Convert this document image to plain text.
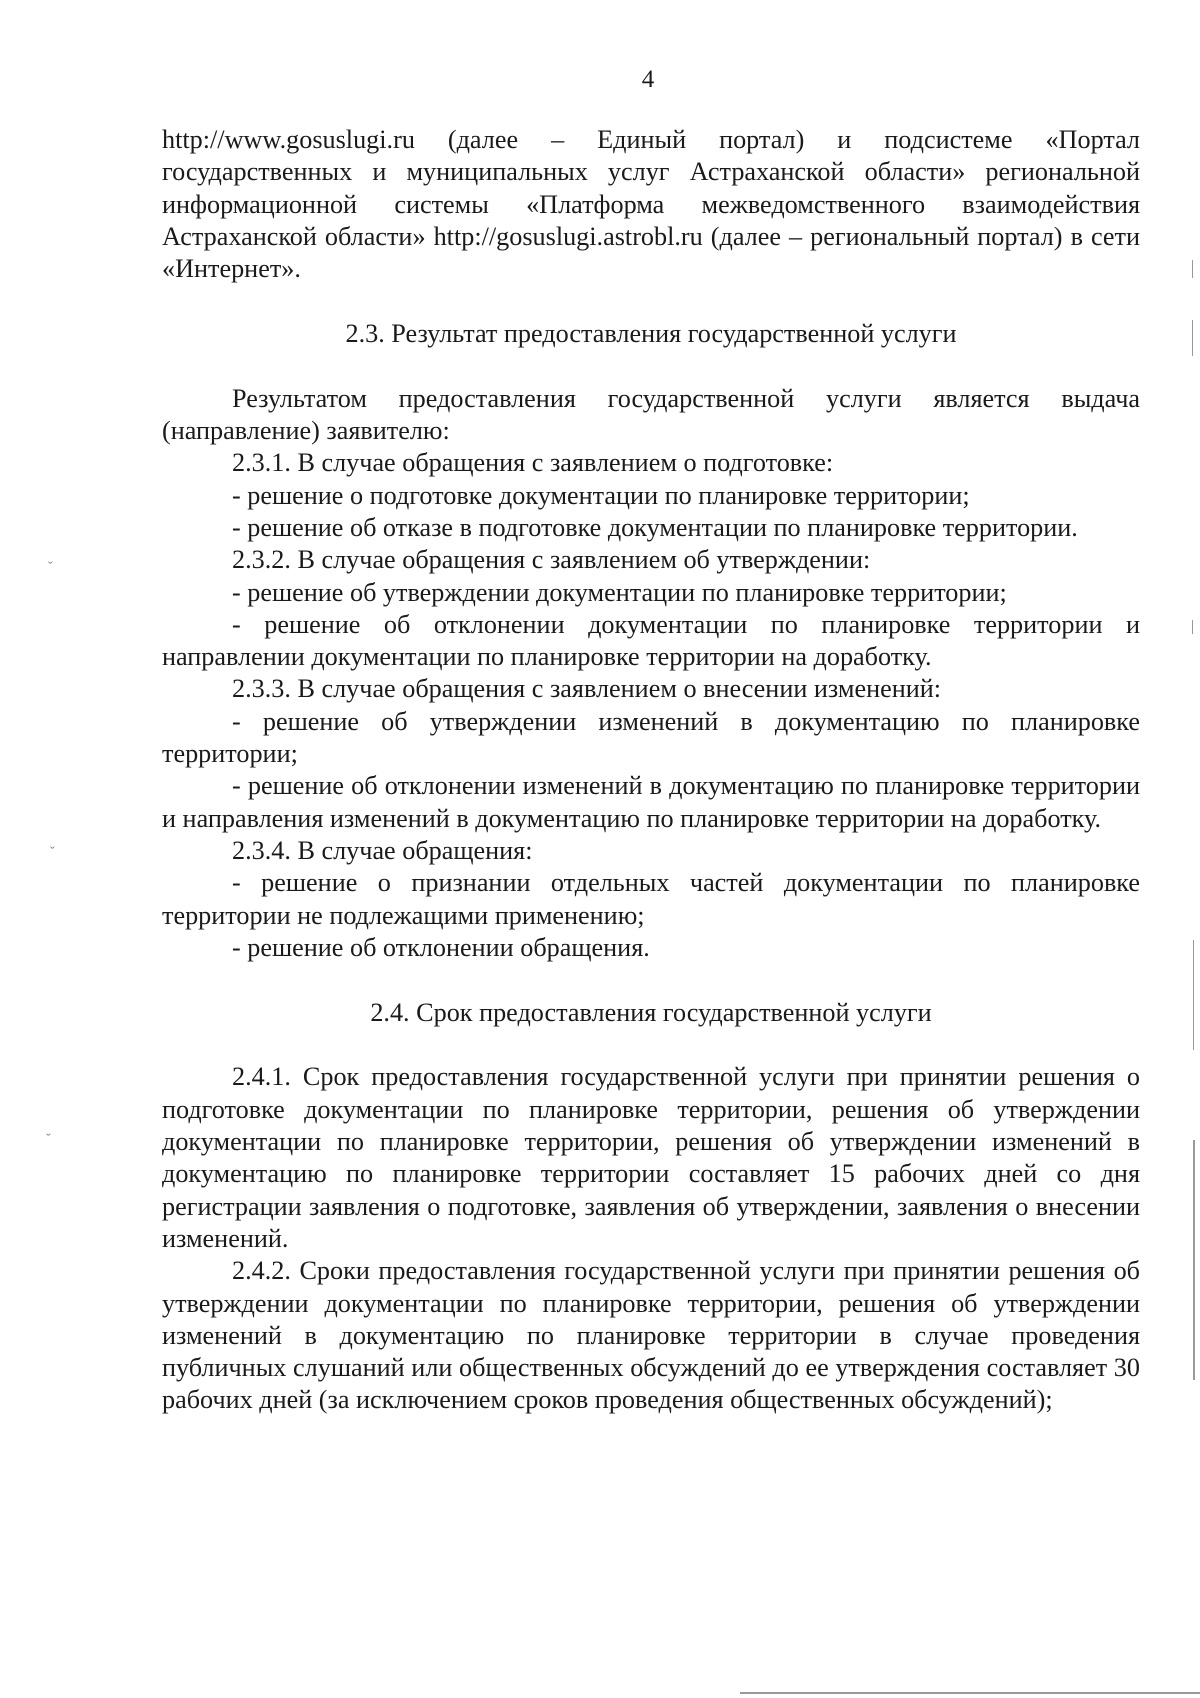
4

http://www.gosuslugi.ru (далее – Единый портал) и подсистеме «Портал государственных и муниципальных услуг Астраханской области» региональной информационной системы «Платформа межведомственного взаимодействия Астраханской области» http://gosuslugi.astrobl.ru (далее – региональный портал) в сети «Интернет».

2.3. Результат предоставления государственной услуги

Результатом предоставления государственной услуги является выдача (направление) заявителю:

2.3.1. В случае обращения с заявлением о подготовке:

- решение о подготовке документации по планировке территории;

- решение об отказе в подготовке документации по планировке территории.

2.3.2. В случае обращения с заявлением об утверждении:

- решение об утверждении документации по планировке территории;

- решение об отклонении документации по планировке территории и направлении документации по планировке территории на доработку.

2.3.3. В случае обращения с заявлением о внесении изменений:

- решение об утверждении изменений в документацию по планировке территории;

- решение об отклонении изменений в документацию по планировке территории и направления изменений в документацию по планировке территории на доработку.

2.3.4. В случае обращения:

- решение о признании отдельных частей документации по планировке территории не подлежащими применению;

- решение об отклонении обращения.

2.4. Срок предоставления государственной услуги

2.4.1. Срок предоставления государственной услуги при принятии решения о подготовке документации по планировке территории, решения об утверждении документации по планировке территории, решения об утверждении изменений в документацию по планировке территории составляет 15 рабочих дней со дня регистрации заявления о подготовке, заявления об утверждении, заявления о внесении изменений.

2.4.2. Сроки предоставления государственной услуги при принятии решения об утверждении документации по планировке территории, решения об утверждении изменений в документацию по планировке территории в случае проведения публичных слушаний или общественных обсуждений до ее утверждения составляет 30 рабочих дней (за исключением сроков проведения общественных обсуждений);

ˇ
ˇ
ˇ
